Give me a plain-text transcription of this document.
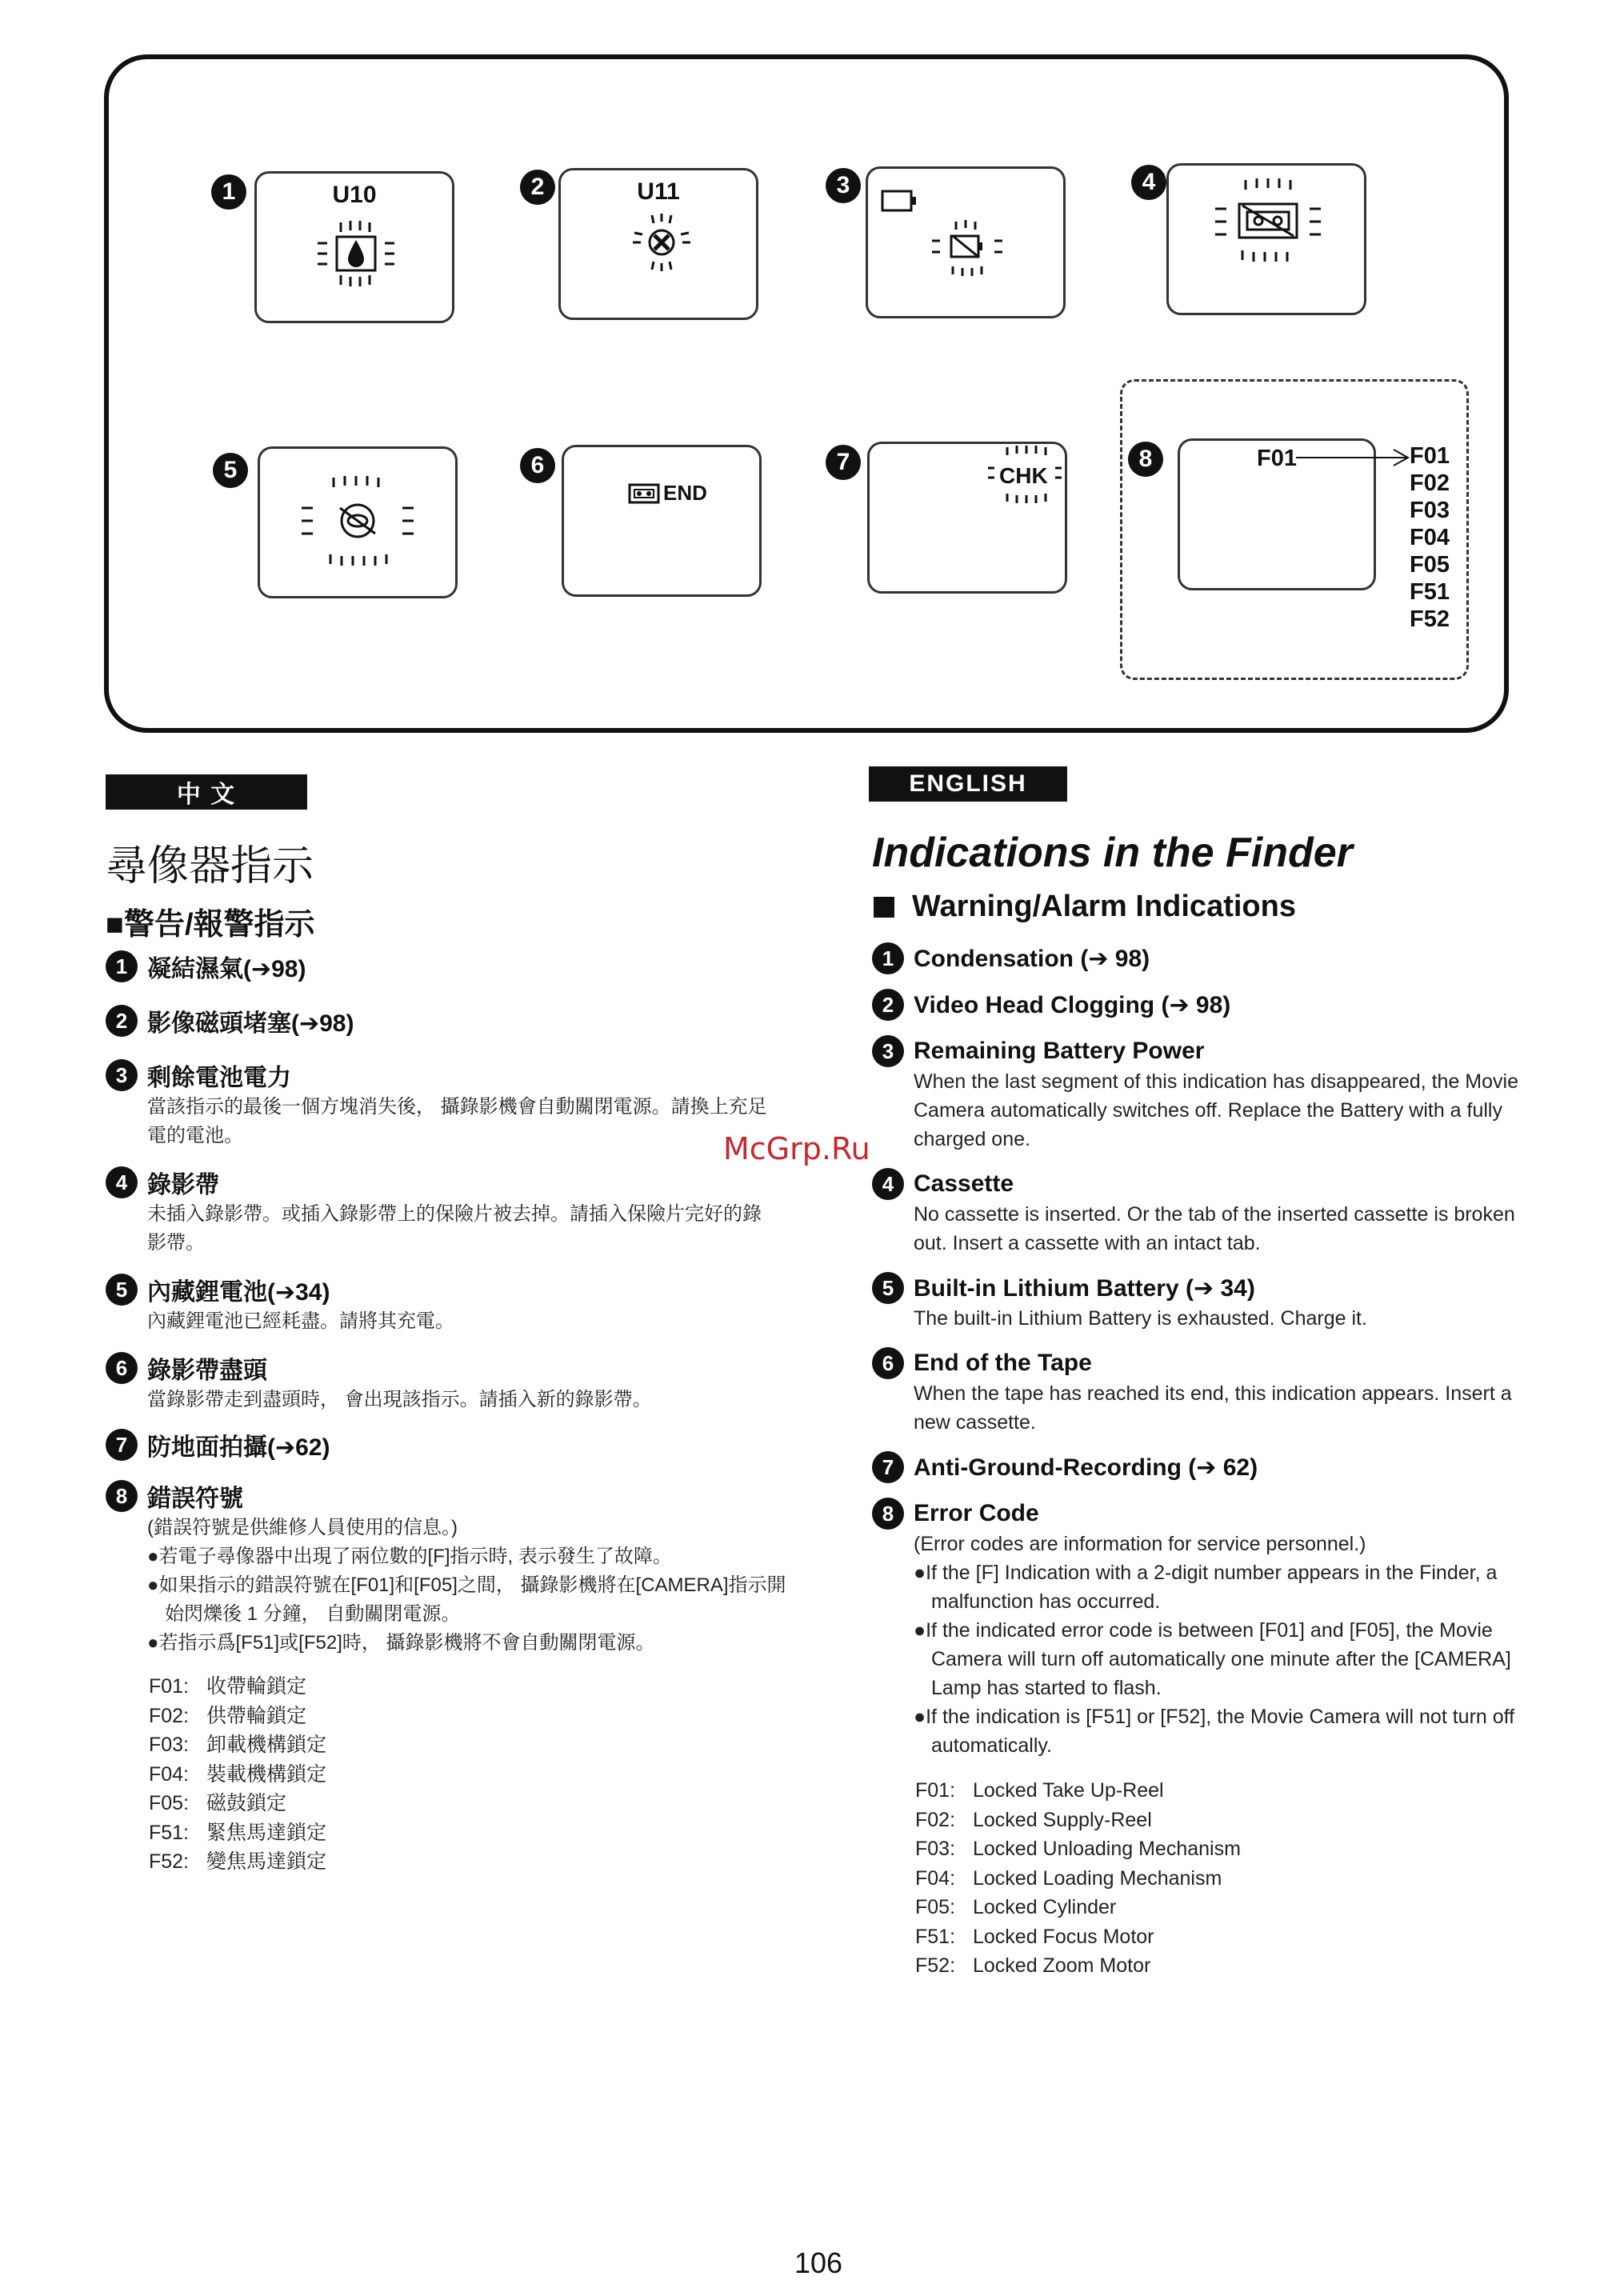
1	U10	2	U11	3	4
5	6
END
7
CHK
8	F01	F01
F02
F03
F04
F05
F51
F52
中 文
尋像器指示
■警告/報警指示
1 凝結濕氣(➔98)
2 影像磁頭堵塞(➔98)
3 剩餘電池電力
當該指示的最後一個方塊消失後， 攝錄影機會自動關閉電源。請換上充足電的電池。
4 錄影帶
未插入錄影帶。或插入錄影帶上的保險片被去掉。請插入保險片完好的錄影帶。
5 內藏鋰電池(➔34)
內藏鋰電池已經耗盡。請將其充電。
6 錄影帶盡頭
當錄影帶走到盡頭時， 會出現該指示。請插入新的錄影帶。
7 防地面拍攝(➔62)
8 錯誤符號
(錯誤符號是供維修人員使用的信息。)
●若電子尋像器中出現了兩位數的[F]指示時, 表示發生了故障。
●如果指示的錯誤符號在[F01]和[F05]之間， 攝錄影機將在[CAMERA]指示開始閃爍後 1 分鐘， 自動關閉電源。
●若指示爲[F51]或[F52]時， 攝錄影機將不會自動關閉電源。
F01: 收帶輪鎖定
F02: 供帶輪鎖定
F03: 卸載機構鎖定
F04: 裝載機構鎖定
F05: 磁鼓鎖定
F51: 緊焦馬達鎖定
F52: 變焦馬達鎖定
ENGLISH
Indications in the Finder
Warning/Alarm Indications
1 Condensation (➔ 98)
2 Video Head Clogging (➔ 98)
3 Remaining Battery Power
When the last segment of this indication has disappeared, the Movie Camera automatically switches off. Replace the Battery with a fully charged one.
4 Cassette
No cassette is inserted. Or the tab of the inserted cassette is broken out. Insert a cassette with an intact tab.
5 Built-in Lithium Battery (➔ 34)
The built-in Lithium Battery is exhausted. Charge it.
6 End of the Tape
When the tape has reached its end, this indication appears. Insert a new cassette.
7 Anti-Ground-Recording (➔ 62)
8 Error Code
(Error codes are information for service personnel.)
●If the [F] Indication with a 2-digit number appears in the Finder, a malfunction has occurred.
●If the indicated error code is between [F01] and [F05], the Movie Camera will turn off automatically one minute after the [CAMERA] Lamp has started to flash.
●If the indication is [F51] or [F52], the Movie Camera will not turn off automatically.
F01: Locked Take Up-Reel
F02: Locked Supply-Reel
F03: Locked Unloading Mechanism
F04: Locked Loading Mechanism
F05: Locked Cylinder
F51: Locked Focus Motor
F52: Locked Zoom Motor
McGrp.Ru
106
